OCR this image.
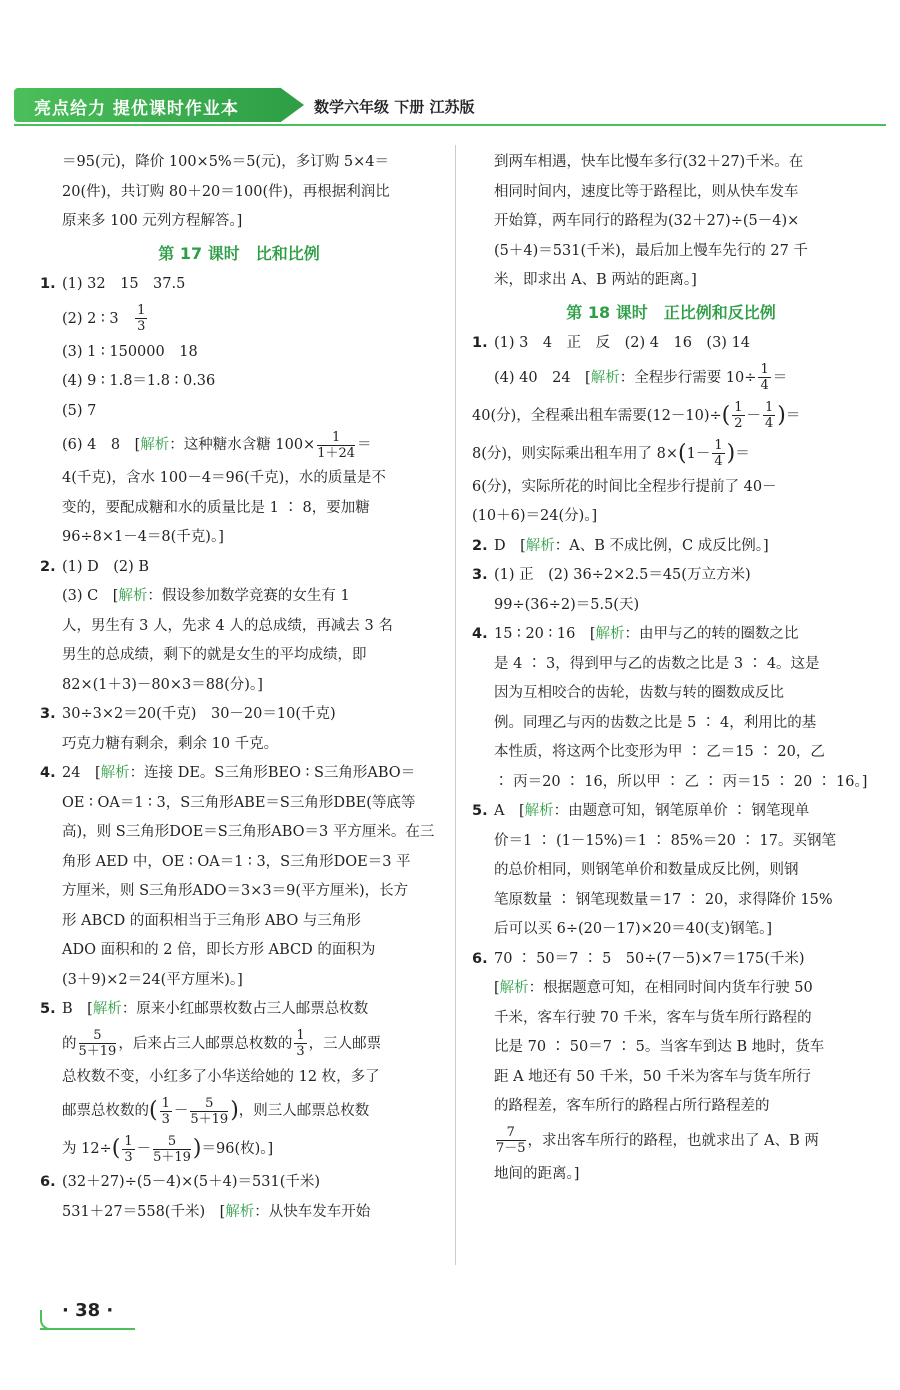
亮点给力 提优课时作业本	数学六年级 下册 江苏版

＝95(元)，降价 100×5%＝5(元)，多订购 5×4＝

20(件)，共订购 80＋20＝100(件)，再根据利润比

原来多 100 元列方程解答。]

第 17 课时　比和比例

1. (1) 32　15　37.5

(2) 2 ∶ 3　 $\frac{1}{3}$

(3) 1 ∶ 150000　18

(4) 9 ∶ 1.8＝1.8 ∶ 0.36

(5) 7

(6) 4　8　[解析：这种糖水含糖 $100\times \frac{1}{1+24}$ ＝

4(千克)，含水 100－4＝96(千克)，水的质量是不

变的，要配成糖和水的质量比是 1 ∶ 8，要加糖

96÷8×1－4＝8(千克)。]

2. (1) D　(2) B

(3) C　[解析：假设参加数学竞赛的女生有 1

人，男生有 3 人，先求 4 人的总成绩，再减去 3 名

男生的总成绩，剩下的就是女生的平均成绩，即

82×(1＋3)－80×3＝88(分)。]

3. 30÷3×2＝20(千克)　30－20＝10(千克)

巧克力糖有剩余，剩余 10 千克。

4. 24　[解析：连接 DE。S三角形BEO ∶ S三角形ABO＝

OE ∶ OA＝1 ∶ 3，S三角形ABE＝S三角形DBE(等底等

高)，则 S三角形DOE＝S三角形ABO＝3 平方厘米。在三

角形 AED 中，OE ∶ OA＝1 ∶ 3，S三角形DOE＝3 平

方厘米，则 S三角形ADO＝3×3＝9(平方厘米)，长方

形 ABCD 的面积相当于三角形 ABO 与三角形

ADO 面积和的 2 倍，即长方形 ABCD 的面积为

(3＋9)×2＝24(平方厘米)。]

5. B　[解析：原来小红邮票枚数占三人邮票总枚数

的 $\frac{5}{5+19}$ ，后来占三人邮票总枚数的 $\frac{1}{3}$ ，三人邮票

总枚数不变，小红多了小华送给她的 12 枚，多了

邮票总枚数的( $\frac{1}{3} - \frac{5}{5+19}$ )，则三人邮票总枚数

为 $12\div( \frac{1}{3} - \frac{5}{5+19} )=96$(枚)。]

6. (32＋27)÷(5－4)×(5＋4)＝531(千米)

531＋27＝558(千米)　[解析：从快车发车开始

到两车相遇，快车比慢车多行(32＋27)千米。在

相同时间内，速度比等于路程比，则从快车发车

开始算，两车同行的路程为(32＋27)÷(5－4)×

(5＋4)＝531(千米)，最后加上慢车先行的 27 千

米，即求出 A、B 两站的距离。]

第 18 课时　正比例和反比例

1. (1) 3　4　正　反　(2) 4　16　(3) 14

(4) 40　24　[解析：全程步行需要 $10\div \frac{1}{4}$ ＝

40(分)，全程乘出租车需要$(12-10)\div( \frac{1}{2} - \frac{1}{4}$ )＝

8(分)，则实际乘出租车用了 $8\times(1- \frac{1}{4}$ )＝

6(分)，实际所花的时间比全程步行提前了 40－

(10＋6)＝24(分)。]

2. D　[解析：A、B 不成比例，C 成反比例。]

3. (1) 正　(2) 36÷2×2.5＝45(万立方米)

99÷(36÷2)＝5.5(天)

4. 15 ∶ 20 ∶ 16　[解析：由甲与乙的转的圈数之比

是 4 ∶ 3，得到甲与乙的齿数之比是 3 ∶ 4。这是

因为互相咬合的齿轮，齿数与转的圈数成反比

例。同理乙与丙的齿数之比是 5 ∶ 4，利用比的基

本性质，将这两个比变形为甲 ∶ 乙＝15 ∶ 20，乙

∶ 丙＝20 ∶ 16，所以甲 ∶ 乙 ∶ 丙＝15 ∶ 20 ∶ 16。]

5. A　[解析：由题意可知，钢笔原单价 ∶ 钢笔现单

价＝1 ∶ (1－15%)＝1 ∶ 85%＝20 ∶ 17。买钢笔

的总价相同，则钢笔单价和数量成反比例，则钢

笔原数量 ∶ 钢笔现数量＝17 ∶ 20，求得降价 15%

后可以买 6÷(20－17)×20＝40(支)钢笔。]

6. 70 ∶ 50＝7 ∶ 5　50÷(7－5)×7＝175(千米)

[解析：根据题意可知，在相同时间内货车行驶 50

千米，客车行驶 70 千米，客车与货车所行路程的

比是 70 ∶ 50＝7 ∶ 5。当客车到达 B 地时，货车

距 A 地还有 50 千米，50 千米为客车与货车所行

的路程差，客车所行的路程占所行路程差的

$\frac{7}{7-5}$ ，求出客车所行的路程，也就求出了 A、B 两

地间的距离。]

· 38 ·
